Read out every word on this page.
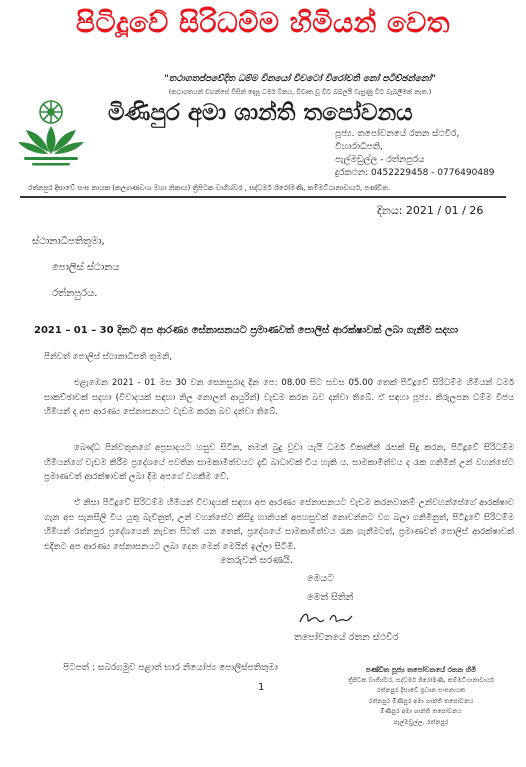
පිටිදූවේ සිරිධම්ම හිමියන් වෙත
"තථාගතප්පවේදිත ධම්ම විනයෝ විවටෝ විරෝචති නෝ පටිච්ඡන්නෝ"
(තථාගතයන් වහන්සේ විසින් දෙසූ ධර්ම විනය, විවෘත වූ විට බබලයි වැසුණු විට බැබලීමක් නැත.)
මිණිපුර අමා ශාන්ති තපෝවනය
පූජ්‍ය. තපෝවනයේ රතන ස්ථවිර,
විහාරාධිපති,
පැල්මඩුල්ල - රත්නපුරය
දුරකථන: 0452229458 - 0776490489
රත්නපුර දිසාවේ සංඝ නායක (කල්‍යාණවංශ මහා නිකාය) ත්‍රිපිටක වාගීශ්වර , සද්ධර්ම ශිරෝමණි, කම්මට්ඨානාචාර්ය, පණ්ඩිත.
දිනය: 2021 / 01 / 26
ස්ථානාධිපතිතුමා,
පොලිස් ස්ථානය
රත්නපුරය.
2021 – 01 – 30 දිනට අප ආරණ්‍ය සේනාසනයට ප්‍රමාණවත් පොලිස් ආරක්ෂාවක් ලබා ගැනීම සදහා
පින්වත් පොලිස් ස්ථානාධිපති තුමනි,

එළැඹෙන 2021 - 01 මස 30 වන සෙනසුරාදා දින පෙ: 08.00 සිට සවස 05.00 තෙක් පිටිදූවේ සිරිධම්ම හිමියන් ධර්ම සාකච්ඡාවක් සදහා (විවාදයක් සඳහා නිල නොලත් ආයුරින්) වැඩම කරන බව දන්වා තිබේ. ඒ සඳහා පූජ්‍ය. කිරුලපන ධම්ම විජය හිමියන් ද අප ආරණ්‍ය සේනාසනයට වැඩම කරන බව දන්වා තිබේ.

බෞද්ධ පින්වතුනගේ අප්‍රසාදයට හසුව සිටින, තමන් බුදු වුවා යැයි ධර්ම විකෘතීන් රැසක් සිදු කරන, පිටිදූවේ සිරිධම්ම හිමියන්ගේ වැඩම කිරීම ප්‍රදේශයේ පවතින සාමකාමීත්වයට දැඩි බාධාවක් විය හැකි ය. සාමකාමීත්වය ද රැක ගනිමින් උන් වහන්සේට ප්‍රමාණවත් ආරක්ෂාවක් ලබා දීම අපගේ වගකීම වේ.

ඒ නිසා පිටිදූවේ සිරිධම්ම හිමියන් විවාදයක් සඳහා අප ආරණ්‍ය සේනාසනයට වැඩම කරනවානම් උන්වහන්සේගේ ආරක්ෂාව ගැන අප සැනසිලි විය යුතු බැවිනුත්, උන් වහන්සේට කිසිදු හානියක් අපහසුවක් නොවන්නට වග බලා ගනිමිනුත්, පිටිදූවේ සිරිධම්ම හිමියන් රත්නපුර ප්‍රදේශයෙන් නැවත පිටත් යන තෙක්, ප්‍රදේශයේ සාමකාමීත්වය රැක ගැනීමටත්, ප්‍රමාණවත් පොලිස් ආරක්ෂාවක් එදිනට අප ආරණ්‍ය සේනාසනයට ලබා දෙන මෙන් මෙයින් ඉල්ලා සිටිමි.

තෙරුවන් සරණයි.
මෙයට
මෙත් සිතින්
තපෝවනයේ රතන ස්ථවිර
පිටපත් : සබරගමුව පළාත් භාර නියෝජ්‍ය පොලිස්පතිතුමා
1
පණ්ඩිත පූජ්‍ය තපෝවනයේ රතන හිමි
ත්‍රිපිටක වාගීශ්වර, සද්ධර්ම ශිරෝමණි, කම්මට්ඨානාචාර්ය
රත්නපුර දිසාවේ ප්‍රධාන සංඝනායක
රත්නපුර මිණිපුර අමා ශාන්ති තපෝවනය
මිණිපුර අමා ශාන්ති තපෝවනය
පැල්මඩුල්ල, රත්නපුර
